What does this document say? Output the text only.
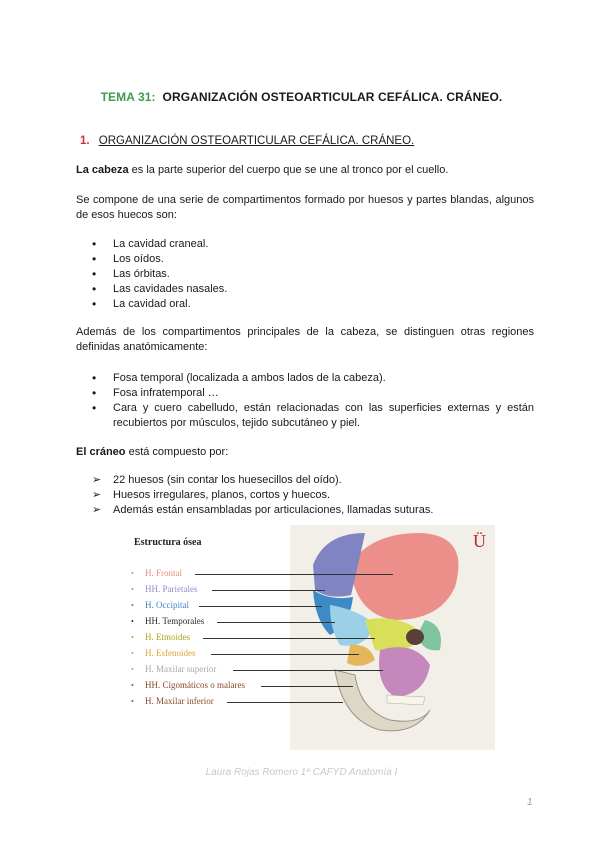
TEMA 31: ORGANIZACIÓN OSTEOARTICULAR CEFÁLICA. CRÁNEO.
1. ORGANIZACIÓN OSTEOARTICULAR CEFÁLICA. CRÁNEO.
La cabeza es la parte superior del cuerpo que se une al tronco por el cuello.
Se compone de una serie de compartimentos formado por huesos y partes blandas, algunos de esos huecos son:
• La cavidad craneal.
• Los oídos.
• Las órbitas.
• Las cavidades nasales.
• La cavidad oral.
Además de los compartimentos principales de la cabeza, se distinguen otras regiones definidas anatómicamente:
• Fosa temporal (localizada a ambos lados de la cabeza).
• Fosa infratemporal …
• Cara y cuero cabelludo, están relacionadas con las superficies externas y están recubiertos por músculos, tejido subcutáneo y piel.
El cráneo está compuesto por:
➢ 22 huesos (sin contar los huesecillos del oído).
➢ Huesos irregulares, planos, cortos y huecos.
➢ Además están ensambladas por articulaciones, llamadas suturas.
Ü
Estructura ósea
• H. Frontal
• HH. Parietales
• H. Occipital
• HH. Temporales
• H. Etmoides
• H. Esfenoides
• H. Maxilar superior
• HH. Cigomáticos o malares
• H. Maxilar inferior
Laura Rojas Romero 1º CAFYD Anatomía I
1
